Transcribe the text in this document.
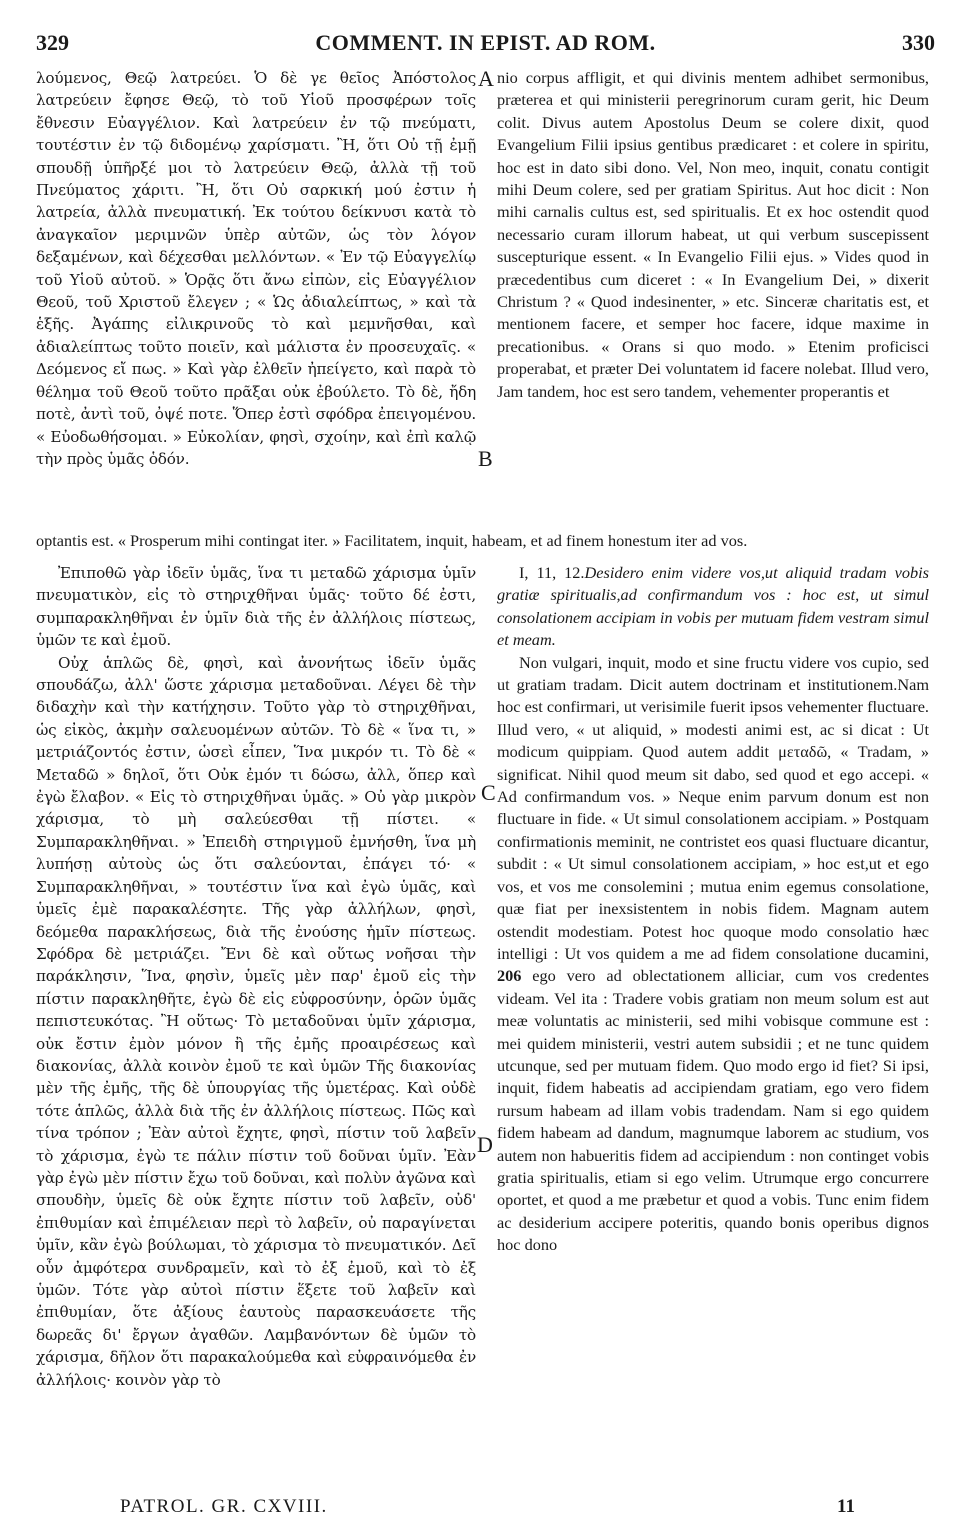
329	COMMENT. IN EPIST. AD ROM.	330

λούμενος, Θεῷ λατρεύει. Ὁ δὲ γε θεῖος Ἀπόστολος λατρεύειν ἔφησε Θεῷ, τὸ τοῦ Υἱοῦ προσφέρων τοῖς ἔθνεσιν Εὐαγγέλιον. Καὶ λατρεύειν ἐν τῷ πνεύματι, τουτέστιν ἐν τῷ διδομένῳ χαρίσματι. Ἢ, ὅτι Οὐ τῇ ἐμῇ σπουδῇ ὑπῆρξέ μοι τὸ λατρεύειν Θεῷ, ἀλλὰ τῇ τοῦ Πνεύματος χάριτι. Ἢ, ὅτι Οὐ σαρκική μού ἐστιν ἡ λατρεία, ἀλλὰ πνευματική. Ἐκ τούτου δείκνυσι κατὰ τὸ ἀναγκαῖον μεριμνῶν ὑπὲρ αὐτῶν, ὡς τὸν λόγον δεξαμένων, καὶ δέχεσθαι μελλόντων. « Ἐν τῷ Εὐαγγελίῳ τοῦ Υἱοῦ αὐτοῦ. » Ὁρᾷς ὅτι ἄνω εἰπὼν, εἰς Εὐαγγέλιον Θεοῦ, τοῦ Χριστοῦ ἔλεγεν ; « Ὡς ἀδιαλείπτως, » καὶ τὰ ἑξῆς. Ἀγάπης εἰλικρινοῦς τὸ καὶ μεμνῆσθαι, καὶ ἀδιαλείπτως τοῦτο ποιεῖν, καὶ μάλιστα ἐν προσευχαῖς. « Δεόμενος εἴ πως. » Καὶ γὰρ ἐλθεῖν ἠπείγετο, καὶ παρὰ τὸ θέλημα τοῦ Θεοῦ τοῦτο πρᾶξαι οὐκ ἐβούλετο. Τὸ δὲ, ἤδη ποτὲ, ἀντὶ τοῦ, ὀψέ ποτε. Ὅπερ ἐστὶ σφόδρα ἐπειγομένου. « Εὐοδωθήσομαι. » Εὐκολίαν, φησὶ, σχοίην, καὶ ἐπὶ καλῷ τὴν πρὸς ὑμᾶς ὁδόν.

nio corpus affligit, et qui divinis mentem adhibet sermonibus, præterea et qui ministerii peregrinorum curam gerit, hic Deum colit. Divus autem Apostolus Deum se colere dixit, quod Evangelium Filii ipsius gentibus prædicaret : et colere in spiritu, hoc est in dato sibi dono. Vel, Non meo, inquit, conatu contigit mihi Deum colere, sed per gratiam Spiritus. Aut hoc dicit : Non mihi carnalis cultus est, sed spiritualis. Et ex hoc ostendit quod necessario curam illorum habeat, ut qui verbum suscepissent suscepturique essent. « In Evangelio Filii ejus. » Vides quod in præcedentibus cum diceret : « In Evangelium Dei, » dixerit Christum ? « Quod indesinenter, » etc. Sinceræ charitatis est, et mentionem facere, et semper hoc facere, idque maxime in precationibus. « Orans si quo modo. » Etenim proficisci properabat, et præter Dei voluntatem id facere nolebat. Illud vero, Jam tandem, hoc est sero tandem, vehementer properantis et

optantis est. « Prosperum mihi contingat iter. » Facilitatem, inquit, habeam, et ad finem honestum iter ad vos.

Ἐπιποθῶ γὰρ ἰδεῖν ὑμᾶς, ἵνα τι μεταδῶ χάρισμα ὑμῖν πνευματικὸν, εἰς τὸ στηριχθῆναι ὑμᾶς· τοῦτο δέ ἐστι, συμπαρακληθῆναι ἐν ὑμῖν διὰ τῆς ἐν ἀλλήλοις πίστεως, ὑμῶν τε καὶ ἐμοῦ.

Οὐχ ἁπλῶς δὲ, φησὶ, καὶ ἀνονήτως ἰδεῖν ὑμᾶς σπουδάζω, ἀλλ' ὥστε χάρισμα μεταδοῦναι. Λέγει δὲ τὴν διδαχὴν καὶ τὴν κατήχησιν. Τοῦτο γὰρ τὸ στηριχθῆναι, ὡς εἰκὸς, ἀκμὴν σαλευομένων αὐτῶν. Τὸ δὲ « ἵνα τι, » μετριάζοντός ἐστιν, ὡσεὶ εἶπεν, Ἵνα μικρόν τι. Τὸ δὲ « Μεταδῶ » δηλοῖ, ὅτι Οὐκ ἐμόν τι δώσω, ἀλλ, ὅπερ καὶ ἐγὼ ἔλαβον. « Εἰς τὸ στηριχθῆναι ὑμᾶς. » Οὐ γὰρ μικρὸν χάρισμα, τὸ μὴ σαλεύεσθαι τῇ πίστει. « Συμπαρακληθῆναι. » Ἐπειδὴ στηριγμοῦ ἐμνήσθη, ἵνα μὴ λυπήσῃ αὐτοὺς ὡς ὅτι σαλεύονται, ἐπάγει τό· « Συμπαρακληθῆναι, » τουτέστιν ἵνα καὶ ἐγὼ ὑμᾶς, καὶ ὑμεῖς ἐμὲ παρακαλέσητε. Τῆς γὰρ ἀλλήλων, φησὶ, δεόμεθα παρακλήσεως, διὰ τῆς ἐνούσης ἡμῖν πίστεως. Σφόδρα δὲ μετριάζει. Ἔνι δὲ καὶ οὕτως νοῆσαι τὴν παράκλησιν, Ἵνα, φησὶν, ὑμεῖς μὲν παρ' ἐμοῦ εἰς τὴν πίστιν παρακληθῆτε, ἐγὼ δὲ εἰς εὐφροσύνην, ὁρῶν ὑμᾶς πεπιστευκότας. Ἢ οὕτως· Τὸ μεταδοῦναι ὑμῖν χάρισμα, οὐκ ἔστιν ἐμὸν μόνον ἢ τῆς ἐμῆς προαιρέσεως καὶ διακονίας, ἀλλὰ κοινὸν ἐμοῦ τε καὶ ὑμῶν Τῆς διακονίας μὲν τῆς ἐμῆς, τῆς δὲ ὑπουργίας τῆς ὑμετέρας. Καὶ οὐδὲ τότε ἁπλῶς, ἀλλὰ διὰ τῆς ἐν ἀλλήλοις πίστεως. Πῶς καὶ τίνα τρόπον ; Ἐὰν αὐτοὶ ἔχητε, φησὶ, πίστιν τοῦ λαβεῖν τὸ χάρισμα, ἐγὼ τε πάλιν πίστιν τοῦ δοῦναι ὑμῖν. Ἐὰν γὰρ ἐγὼ μὲν πίστιν ἔχω τοῦ δοῦναι, καὶ πολὺν ἀγῶνα καὶ σπουδὴν, ὑμεῖς δὲ οὐκ ἔχητε πίστιν τοῦ λαβεῖν, οὐδ' ἐπιθυμίαν καὶ ἐπιμέλειαν περὶ τὸ λαβεῖν, οὐ παραγίνεται ὑμῖν, κἂν ἐγὼ βούλωμαι, τὸ χάρισμα τὸ πνευματικόν. Δεῖ οὖν ἀμφότερα συνδραμεῖν, καὶ τὸ ἐξ ἐμοῦ, καὶ τὸ ἐξ ὑμῶν. Τότε γὰρ αὐτοὶ πίστιν ἕξετε τοῦ λαβεῖν καὶ ἐπιθυμίαν, ὅτε ἀξίους ἑαυτοὺς παρασκευάσετε τῆς δωρεᾶς δι' ἔργων ἀγαθῶν. Λαμβανόντων δὲ ὑμῶν τὸ χάρισμα, δῆλον ὅτι παρακαλούμεθα καὶ εὐφραινόμεθα ἐν ἀλλήλοις· κοινὸν γὰρ τὸ

I, 11, 12.Desidero enim videre vos,ut aliquid tradam vobis gratiæ spiritualis,ad confirmandum vos : hoc est, ut simul consolationem accipiam in vobis per mutuam fidem vestram simul et meam.

Non vulgari, inquit, modo et sine fructu videre vos cupio, sed ut gratiam tradam. Dicit autem doctrinam et institutionem.Nam hoc est confirmari, ut verisimile fuerit ipsos vehementer fluctuare. Illud vero, « ut aliquid, » modesti animi est, ac si dicat : Ut modicum quippiam. Quod autem addit μεταδῶ, « Tradam, » significat. Nihil quod meum sit dabo, sed quod et ego accepi. « Ad confirmandum vos. » Neque enim parvum donum est non fluctuare in fide. « Ut simul consolationem accipiam. » Postquam confirmationis meminit, ne contristet eos quasi fluctuare dicantur, subdit : « Ut simul consolationem accipiam, » hoc est,ut et ego vos, et vos me consolemini ; mutua enim egemus consolatione, quæ fiat per inexsistentem in nobis fidem. Magnam autem ostendit modestiam. Potest hoc quoque modo consolatio hæc intelligi : Ut vos quidem a me ad fidem consolatione ducamini, 206 ego vero ad oblectationem alliciar, cum vos credentes videam. Vel ita : Tradere vobis gratiam non meum solum est aut meæ voluntatis ac ministerii, sed mihi vobisque commune est : mei quidem ministerii, vestri autem subsidii ; et ne tunc quidem utcunque, sed per mutuam fidem. Quo modo ergo id fiet? Si ipsi, inquit, fidem habeatis ad accipiendam gratiam, ego vero fidem rursum habeam ad illam vobis tradendam. Nam si ego quidem fidem habeam ad dandum, magnumque laborem ac studium, vos autem non habueritis fidem ad accipiendum : non continget vobis gratia spiritualis, etiam si ego velim. Utrumque ergo concurrere oportet, et quod a me præbetur et quod a vobis. Tunc enim fidem ac desiderium accipere poteritis, quando bonis operibus dignos hoc dono

A
B
C
D
PATROL. GR. CXVIII.	11
